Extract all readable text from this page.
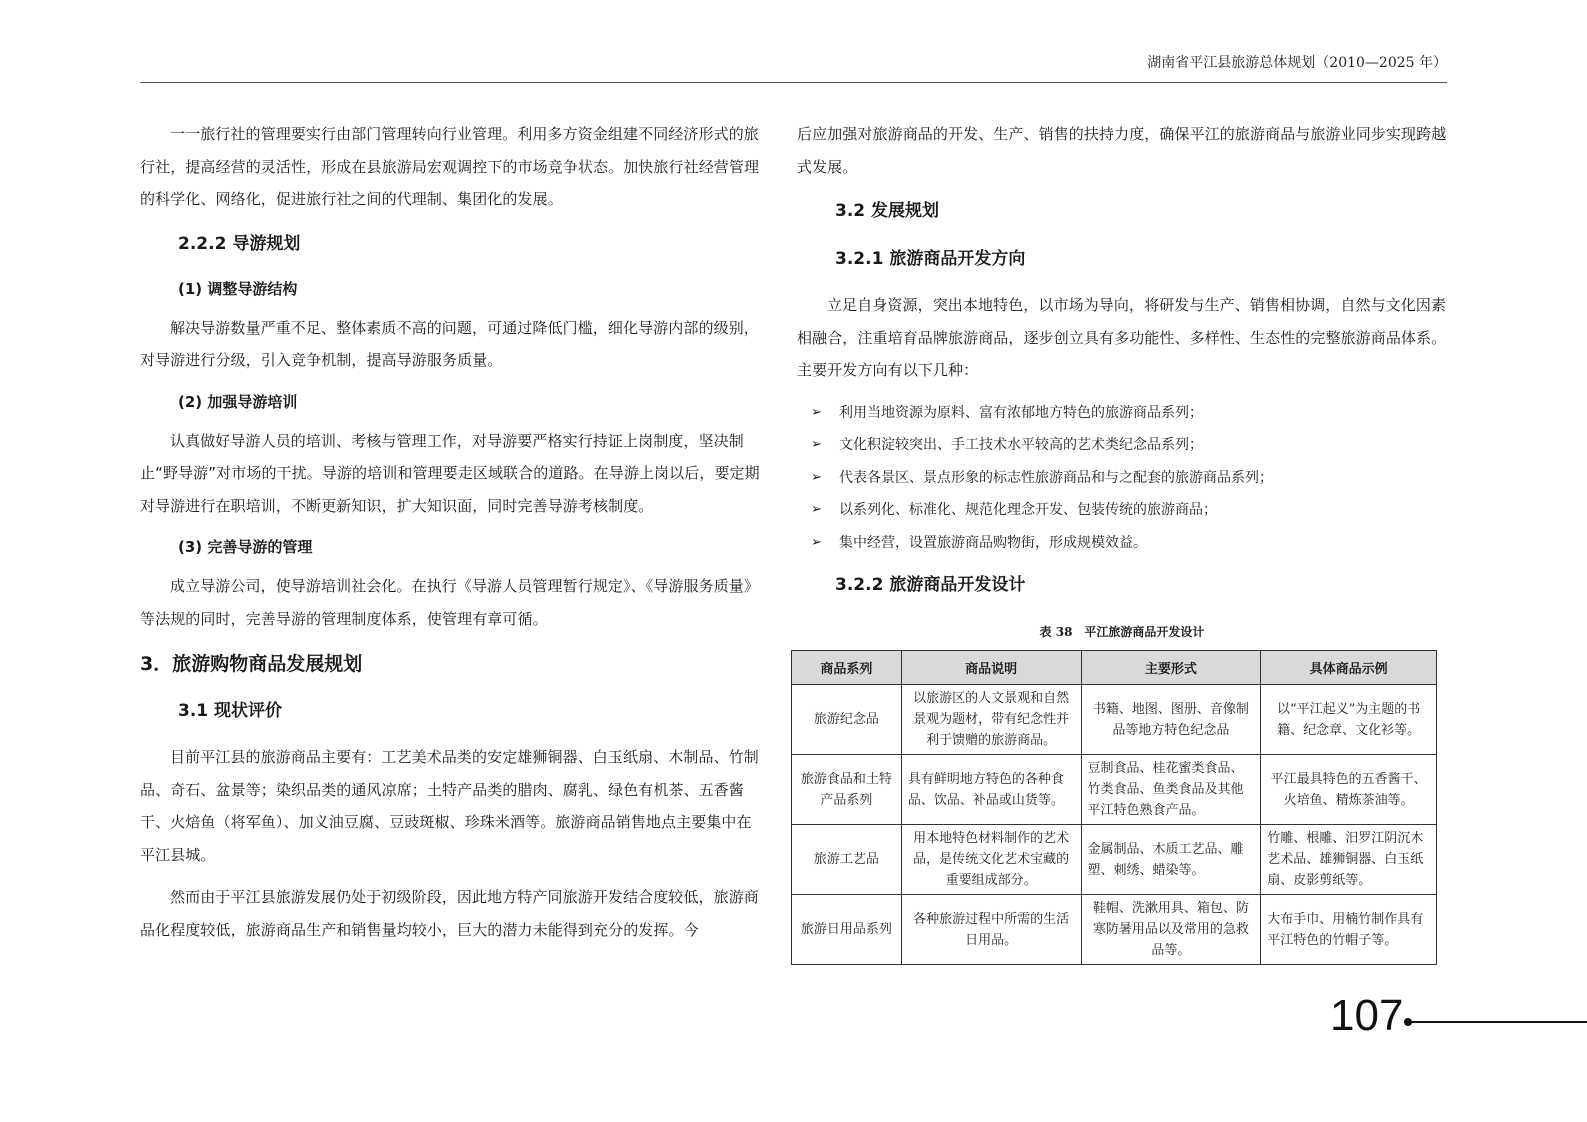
湖南省平江县旅游总体规划（2010—2025 年）

一一旅行社的管理要实行由部门管理转向行业管理。利用多方资金组建不同经济形式的旅行社，提高经营的灵活性，形成在县旅游局宏观调控下的市场竞争状态。加快旅行社经营管理的科学化、网络化，促进旅行社之间的代理制、集团化的发展。

2.2.2 导游规划
(1) 调整导游结构

解决导游数量严重不足、整体素质不高的问题，可通过降低门槛，细化导游内部的级别，对导游进行分级，引入竞争机制，提高导游服务质量。

(2) 加强导游培训

认真做好导游人员的培训、考核与管理工作，对导游要严格实行持证上岗制度，坚决制止“野导游”对市场的干扰。导游的培训和管理要走区域联合的道路。在导游上岗以后，要定期对导游进行在职培训，不断更新知识，扩大知识面，同时完善导游考核制度。

(3) 完善导游的管理

成立导游公司，使导游培训社会化。在执行《导游人员管理暂行规定》、《导游服务质量》等法规的同时，完善导游的管理制度体系，使管理有章可循。

3．旅游购物商品发展规划
3.1 现状评价

目前平江县的旅游商品主要有：工艺美术品类的安定雄狮铜器、白玉纸扇、木制品、竹制品、奇石、盆景等；染织品类的通风凉席；土特产品类的腊肉、腐乳、绿色有机茶、五香酱干、火焙鱼（将军鱼）、加义油豆腐、豆豉斑椒、珍珠米酒等。旅游商品销售地点主要集中在平江县城。

然而由于平江县旅游发展仍处于初级阶段，因此地方特产同旅游开发结合度较低，旅游商品化程度较低，旅游商品生产和销售量均较小，巨大的潜力未能得到充分的发挥。今

后应加强对旅游商品的开发、生产、销售的扶持力度，确保平江的旅游商品与旅游业同步实现跨越式发展。

3.2 发展规划
3.2.1 旅游商品开发方向

立足自身资源，突出本地特色，以市场为导向，将研发与生产、销售相协调，自然与文化因素相融合，注重培育品牌旅游商品，逐步创立具有多功能性、多样性、生态性的完整旅游商品体系。主要开发方向有以下几种：

➢ 利用当地资源为原料、富有浓郁地方特色的旅游商品系列；
➢ 文化积淀较突出、手工技术水平较高的艺术类纪念品系列；
➢ 代表各景区、景点形象的标志性旅游商品和与之配套的旅游商品系列；
➢ 以系列化、标准化、规范化理念开发、包装传统的旅游商品；
➢ 集中经营，设置旅游商品购物街，形成规模效益。
3.2.2 旅游商品开发设计
表 38　平江旅游商品开发设计
商品系列	商品说明	主要形式	具体商品示例
旅游纪念品	以旅游区的人文景观和自然景观为题材，带有纪念性并利于馈赠的旅游商品。	书籍、地图、图册、音像制品等地方特色纪念品	以“平江起义”为主题的书籍、纪念章、文化衫等。
旅游食品和土特产品系列	具有鲜明地方特色的各种食品、饮品、补品或山货等。	豆制食品、桂花蜜类食品、竹类食品、鱼类食品及其他平江特色熟食产品。	平江最具特色的五香酱干、火培鱼、精炼茶油等。
旅游工艺品	用本地特色材料制作的艺术品，是传统文化艺术宝藏的重要组成部分。	金属制品、木质工艺品、雕塑、刺绣、蜡染等。	竹雕、根雕、汨罗江阴沉木艺术品、雄狮铜器、白玉纸扇、皮影剪纸等。
旅游日用品系列	各种旅游过程中所需的生活日用品。	鞋帽、洗漱用具、箱包、防寒防暑用品以及常用的急救品等。	大布手巾、用楠竹制作具有平江特色的竹帽子等。
107
